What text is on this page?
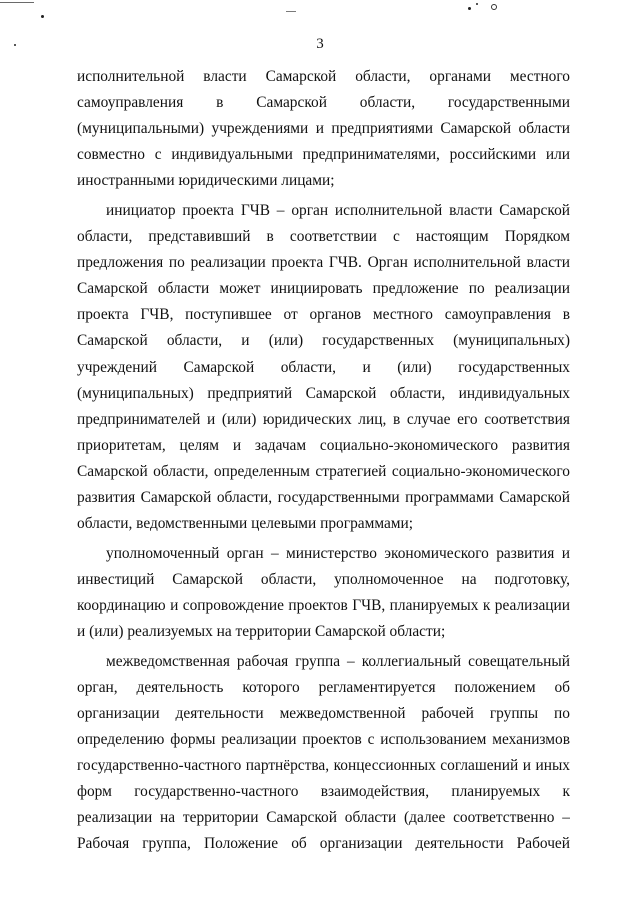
3
исполнительной власти Самарской области, органами местного
самоуправления в Самарской области, государственными
(муниципальными) учреждениями и предприятиями Самарской области
совместно с индивидуальными предпринимателями, российскими или
иностранными юридическими лицами;
инициатор проекта ГЧВ – орган исполнительной власти Самарской
области, представивший в соответствии с настоящим Порядком
предложения по реализации проекта ГЧВ. Орган исполнительной власти
Самарской области может инициировать предложение по реализации
проекта ГЧВ, поступившее от органов местного самоуправления в
Самарской области, и (или) государственных (муниципальных)
учреждений Самарской области, и (или) государственных
(муниципальных) предприятий Самарской области, индивидуальных
предпринимателей и (или) юридических лиц, в случае его соответствия
приоритетам, целям и задачам социально-экономического развития
Самарской области, определенным стратегией социально-экономического
развития Самарской области, государственными программами Самарской
области, ведомственными целевыми программами;
уполномоченный орган – министерство экономического развития и
инвестиций Самарской области, уполномоченное на подготовку,
координацию и сопровождение проектов ГЧВ, планируемых к реализации
и (или) реализуемых на территории Самарской области;
межведомственная рабочая группа – коллегиальный совещательный
орган, деятельность которого регламентируется положением об
организации деятельности межведомственной рабочей группы по
определению формы реализации проектов с использованием механизмов
государственно-частного партнёрства, концессионных соглашений и иных
форм государственно-частного взаимодействия, планируемых к
реализации на территории Самарской области (далее соответственно –
Рабочая группа, Положение об организации деятельности Рабочей
